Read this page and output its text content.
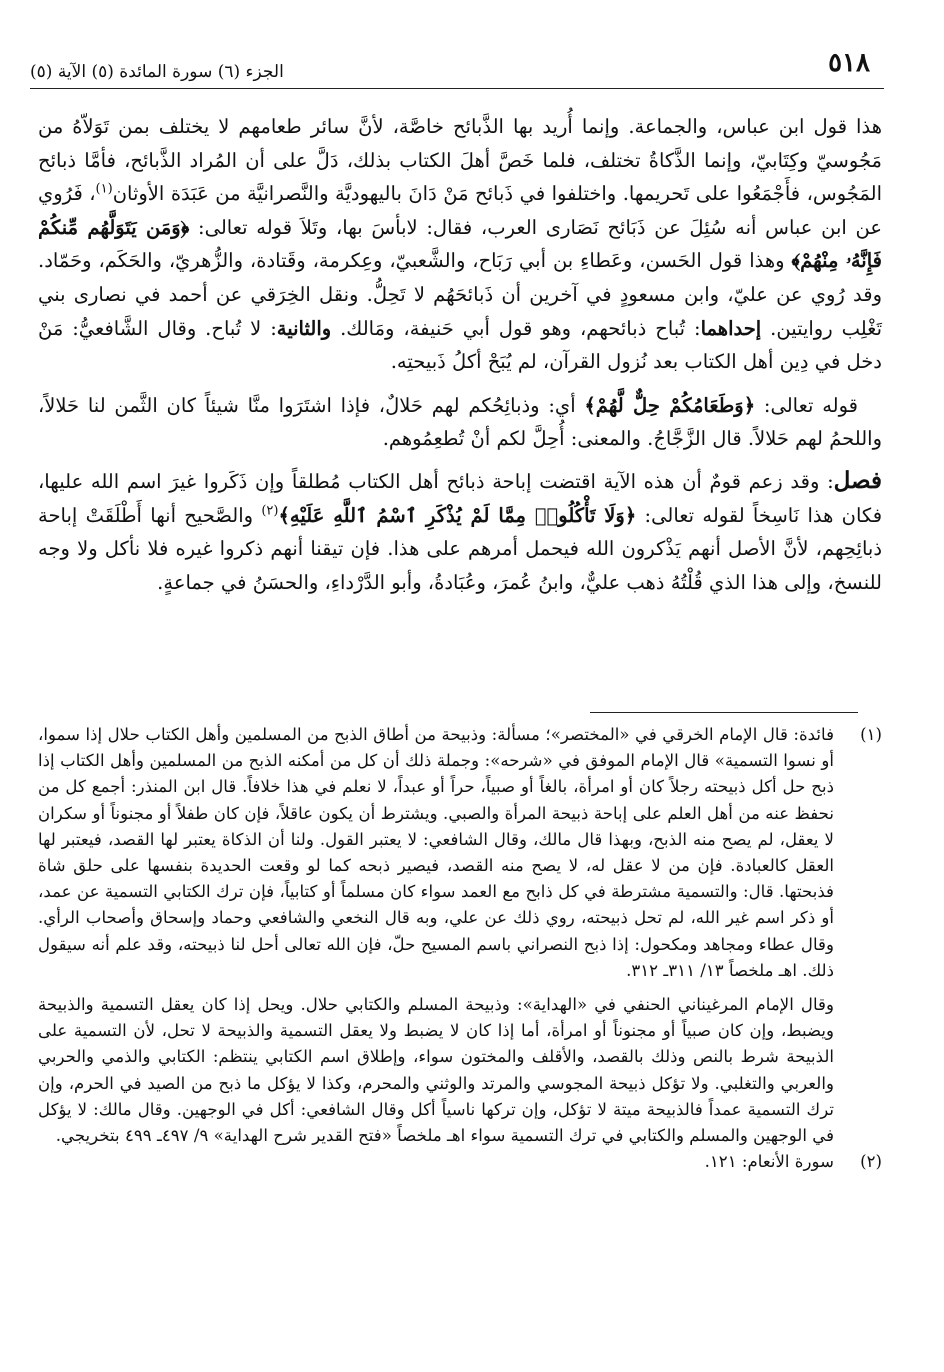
٥١٨
الجزء (٦) سورة المائدة (٥) الآية (٥)

هذا قول ابن عباس، والجماعة. وإنما أُريد بها الذَّبائح خاصَّة، لأنَّ سائر طعامهم لا يختلف بمن تَوَلاّهُ من مَجُوسيّ وكِتَابيّ، وإنما الذَّكاةُ تختلف، فلما خَصَّ أهلَ الكتاب بذلك، دَلَّ على أن المُراد الذَّبائح، فأمَّا ذبائح المَجُوس، فأَجْمَعُوا على تَحريمها. واختلفوا في ذَبائح مَنْ دَانَ باليهوديَّة والنَّصرانيَّة من عَبَدَة الأوثان$^{(١)}$، فَرُوي عن ابن عباس أنه سُئِلَ عن ذَبَائح نَصَارى العرب، فقال: لابأسَ بها، وتَلاَ قوله تعالى: ﴿وَمَن يَتَوَلَّهُم مِّنكُمْ فَإِنَّهُۥ مِنْهُمْ﴾ وهذا قول الحَسن، وعَطاءِ بن أبي رَبَاح، والشَّعبيّ، وعِكرمة، وقَتادة، والزُّهريّ، والحَكَم، وحَمّاد. وقد رُوي عن عليّ، وابن مسعودٍ في آخرين أن ذَبائحَهُم لا تَحِلُّ. ونقل الخِرَقي عن أحمد في نصارى بني تَغْلِب روايتين. إحداهما: تُباح ذبائحهم، وهو قول أبي حَنيفة، ومَالك. والثانية: لا تُباح. وقال الشَّافعيُّ: مَنْ دخل في دِين أهل الكتاب بعد نُزول القرآن، لم يُبَحْ أكلُ ذَبيحتِه.

قوله تعالى: ﴿وَطَعَامُكُمْ حِلٌّ لَّهُمْ﴾ أي: وذبائِحُكم لهم حَلالٌ، فإذا اشتَرَوا منَّا شيئاً كان الثَّمن لنا حَلالاً، واللحمُ لهم حَلالاً. قال الزَّجَّاجُ. والمعنى: أُحِلَّ لكم أنْ تُطعِمُوهم.

فصل: وقد زعم قومٌ أن هذه الآية اقتضت إباحة ذبائح أهل الكتاب مُطلقاً وإن ذَكَروا غيرَ اسم الله عليها، فكان هذا نَاسِخاً لقوله تعالى: ﴿وَلَا تَأْكُلُوا۟ مِمَّا لَمْ يُذْكَرِ ٱسْمُ ٱللَّهِ عَلَيْهِ﴾$^{(٢)}$ والصَّحيح أنها أَطْلَقَتْ إباحة ذبائِحِهم، لأنَّ الأصل أنهم يَذْكرون الله فيحمل أمرهم على هذا. فإن تيقنا أنهم ذكروا غيره فلا نأكل ولا وجه للنسخ، وإلى هذا الذي قُلْتُهُ ذهب عليٌّ، وابنُ عُمرَ، وعُبَادةُ، وأبو الدَّرْداءِ، والحسَنُ في جماعةٍ.

(١)

فائدة: قال الإمام الخرقي في «المختصر»؛ مسألة: وذبيحة من أطاق الذبح من المسلمين وأهل الكتاب حلال إذا سموا، أو نسوا التسمية» قال الإمام الموفق في «شرحه»: وجملة ذلك أن كل من أمكنه الذبح من المسلمين وأهل الكتاب إذا ذبح حل أكل ذبيحته رجلاً كان أو امرأة، بالغاً أو صبياً، حراً أو عبداً، لا نعلم في هذا خلافاً. قال ابن المنذر: أجمع كل من نحفظ عنه من أهل العلم على إباحة ذبيحة المرأة والصبي. ويشترط أن يكون عاقلاً، فإن كان طفلاً أو مجنوناً أو سكران لا يعقل، لم يصح منه الذبح، وبهذا قال مالك، وقال الشافعي: لا يعتبر القول. ولنا أن الذكاة يعتبر لها القصد، فيعتبر لها العقل كالعبادة. فإن من لا عقل له، لا يصح منه القصد، فيصير ذبحه كما لو وقعت الحديدة بنفسها على حلق شاة فذبحتها. قال: والتسمية مشترطة في كل ذابح مع العمد سواء كان مسلماً أو كتابياً، فإن ترك الكتابي التسمية عن عمد، أو ذكر اسم غير الله، لم تحل ذبيحته، روي ذلك عن علي، وبه قال النخعي والشافعي وحماد وإسحاق وأصحاب الرأي. وقال عطاء ومجاهد ومكحول: إذا ذبح النصراني باسم المسيح حلّ، فإن الله تعالى أحل لنا ذبيحته، وقد علم أنه سيقول ذلك. اهـ ملخصاً ١٣/ ٣١١ـ ٣١٢.

وقال الإمام المرغيناني الحنفي في «الهداية»: وذبيحة المسلم والكتابي حلال. ويحل إذا كان يعقل التسمية والذبيحة ويضبط، وإن كان صبياً أو مجنوناً أو امرأة، أما إذا كان لا يضبط ولا يعقل التسمية والذبيحة لا تحل، لأن التسمية على الذبيحة شرط بالنص وذلك بالقصد، والأقلف والمختون سواء، وإطلاق اسم الكتابي ينتظم: الكتابي والذمي والحربي والعربي والتغلبي. ولا تؤكل ذبيحة المجوسي والمرتد والوثني والمحرم، وكذا لا يؤكل ما ذبح من الصيد في الحرم، وإن ترك التسمية عمداً فالذبيحة ميتة لا تؤكل، وإن تركها ناسياً أكل وقال الشافعي: أكل في الوجهين. وقال مالك: لا يؤكل في الوجهين والمسلم والكتابي في ترك التسمية سواء اهـ ملخصاً «فتح القدير شرح الهداية» ٩/ ٤٩٧ـ ٤٩٩ بتخريجي.

(٢)

سورة الأنعام: ١٢١.
